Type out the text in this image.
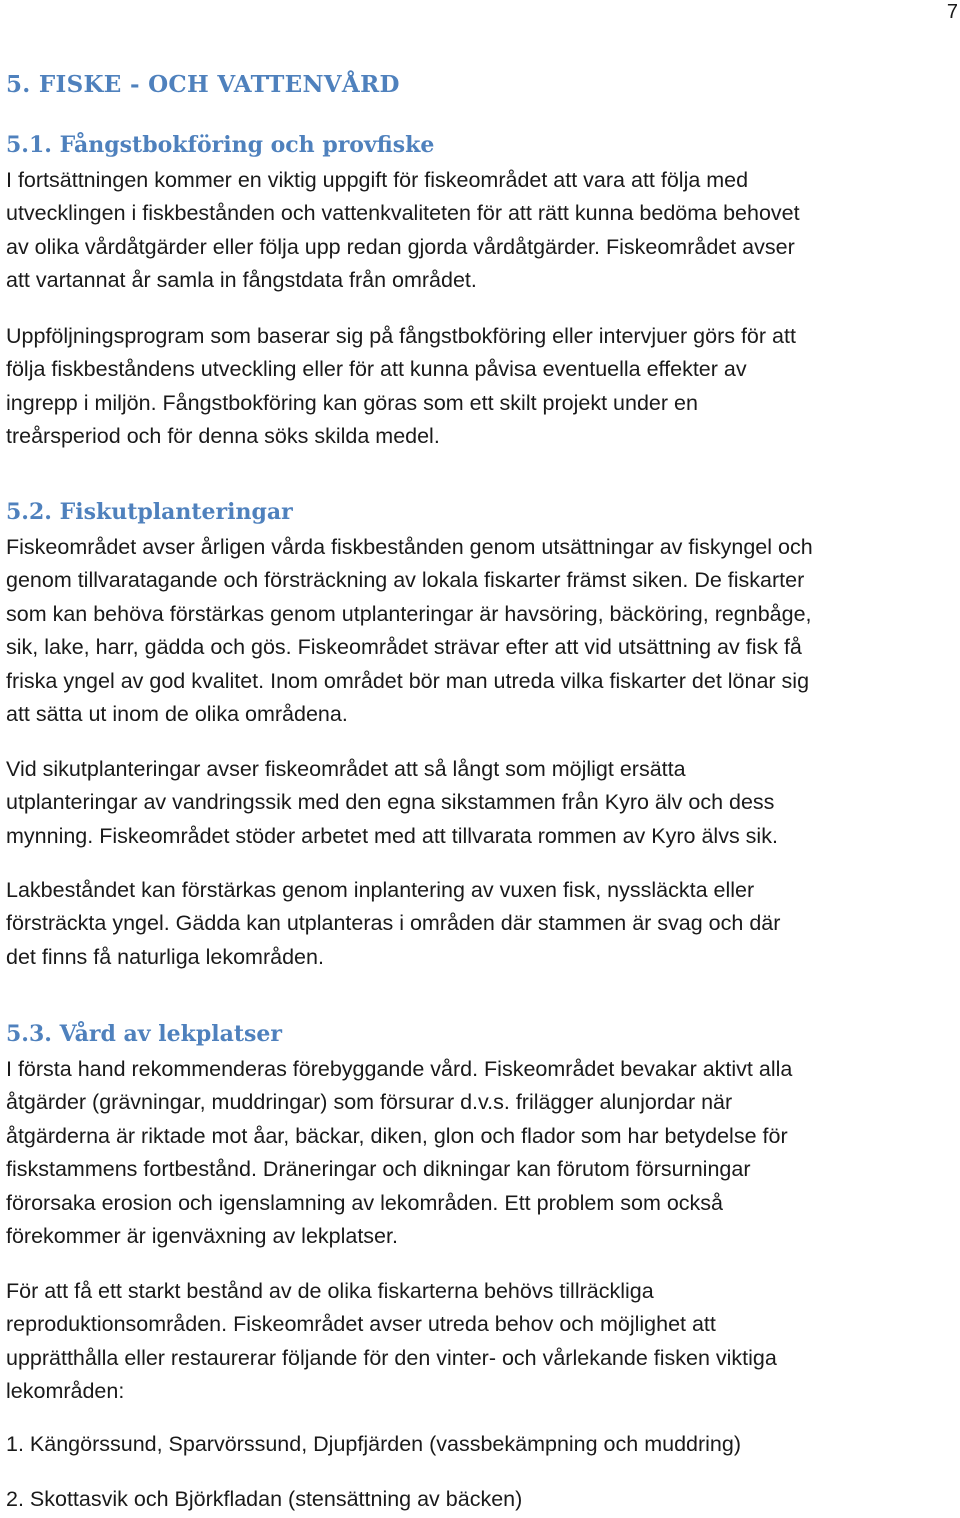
7
5. FISKE - OCH VATTENVÅRD
5.1. Fångstbokföring och provfiske
I fortsättningen kommer en viktig uppgift för fiskeområdet att vara att följa med
utvecklingen i fiskbestånden och vattenkvaliteten för att rätt kunna bedöma behovet
av olika vårdåtgärder eller följa upp redan gjorda vårdåtgärder. Fiskeområdet avser
att vartannat år samla in fångstdata från området.
Uppföljningsprogram som baserar sig på fångstbokföring eller intervjuer görs för att
följa fiskbeståndens utveckling eller för att kunna påvisa eventuella effekter av
ingrepp i miljön. Fångstbokföring kan göras som ett skilt projekt under en
treårsperiod och för denna söks skilda medel.
5.2. Fiskutplanteringar
Fiskeområdet avser årligen vårda fiskbestånden genom utsättningar av fiskyngel och
genom tillvaratagande och försträckning av lokala fiskarter främst siken. De fiskarter
som kan behöva förstärkas genom utplanteringar är havsöring, bäcköring, regnbåge,
sik, lake, harr, gädda och gös. Fiskeområdet strävar efter att vid utsättning av fisk få
friska yngel av god kvalitet. Inom området bör man utreda vilka fiskarter det lönar sig
att sätta ut inom de olika områdena.
Vid sikutplanteringar avser fiskeområdet att så långt som möjligt ersätta
utplanteringar av vandringssik med den egna sikstammen från Kyro älv och dess
mynning. Fiskeområdet stöder arbetet med att tillvarata rommen av Kyro älvs sik.
Lakbeståndet kan förstärkas genom inplantering av vuxen fisk, nyssläckta eller
försträckta yngel. Gädda kan utplanteras i områden där stammen är svag och där
det finns få naturliga lekområden.
5.3. Vård av lekplatser
I första hand rekommenderas förebyggande vård. Fiskeområdet bevakar aktivt alla
åtgärder (grävningar, muddringar) som försurar d.v.s. frilägger alunjordar när
åtgärderna är riktade mot åar, bäckar, diken, glon och flador som har betydelse för
fiskstammens fortbestånd. Dräneringar och dikningar kan förutom försurningar
förorsaka erosion och igenslamning av lekområden. Ett problem som också
förekommer är igenväxning av lekplatser.
För att få ett starkt bestånd av de olika fiskarterna behövs tillräckliga
reproduktionsområden. Fiskeområdet avser utreda behov och möjlighet att
upprätthålla eller restaurerar följande för den vinter- och vårlekande fisken viktiga
lekområden:
1. Kängörssund, Sparvörssund, Djupfjärden (vassbekämpning och muddring)
2. Skottasvik och Björkfladan (stensättning av bäcken)
